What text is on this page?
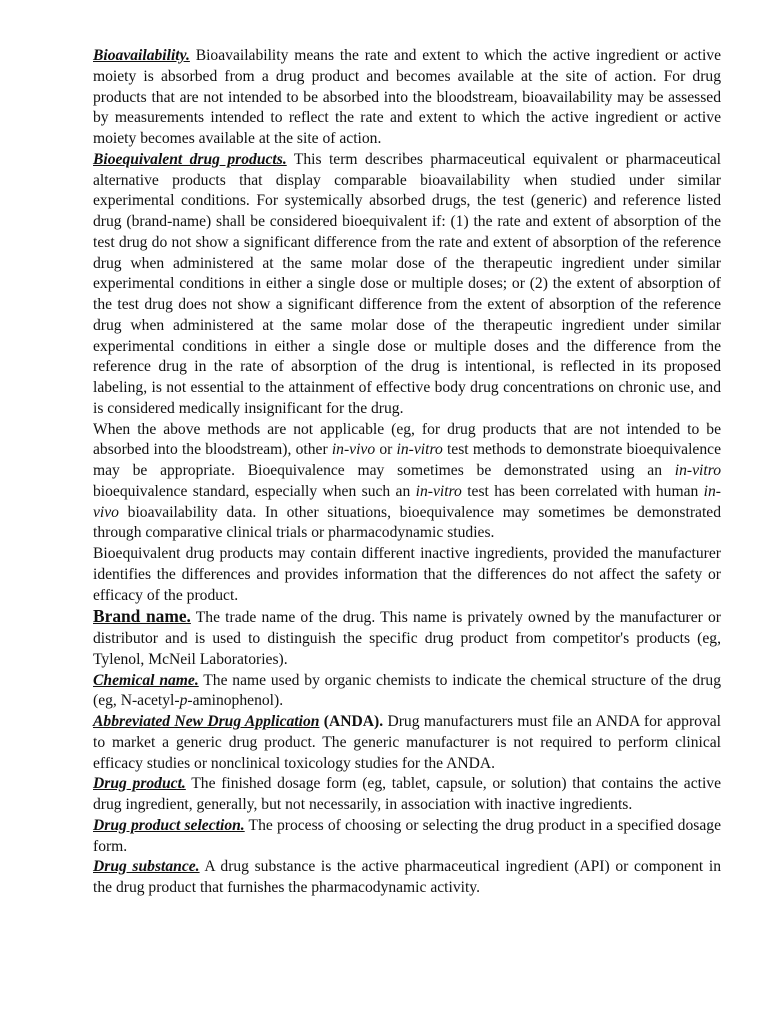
Bioavailability. Bioavailability means the rate and extent to which the active ingredient or active moiety is absorbed from a drug product and becomes available at the site of action. For drug products that are not intended to be absorbed into the bloodstream, bioavailability may be assessed by measurements intended to reflect the rate and extent to which the active ingredient or active moiety becomes available at the site of action.

Bioequivalent drug products. This term describes pharmaceutical equivalent or pharmaceutical alternative products that display comparable bioavailability when studied under similar experimental conditions. For systemically absorbed drugs, the test (generic) and reference listed drug (brand-name) shall be considered bioequivalent if: (1) the rate and extent of absorption of the test drug do not show a significant difference from the rate and extent of absorption of the reference drug when administered at the same molar dose of the therapeutic ingredient under similar experimental conditions in either a single dose or multiple doses; or (2) the extent of absorption of the test drug does not show a significant difference from the extent of absorption of the reference drug when administered at the same molar dose of the therapeutic ingredient under similar experimental conditions in either a single dose or multiple doses and the difference from the reference drug in the rate of absorption of the drug is intentional, is reflected in its proposed labeling, is not essential to the attainment of effective body drug concentrations on chronic use, and is considered medically insignificant for the drug.

When the above methods are not applicable (eg, for drug products that are not intended to be absorbed into the bloodstream), other in-vivo or in-vitro test methods to demonstrate bioequivalence may be appropriate. Bioequivalence may sometimes be demonstrated using an in-vitro bioequivalence standard, especially when such an in-vitro test has been correlated with human in-vivo bioavailability data. In other situations, bioequivalence may sometimes be demonstrated through comparative clinical trials or pharmacodynamic studies.

Bioequivalent drug products may contain different inactive ingredients, provided the manufacturer identifies the differences and provides information that the differences do not affect the safety or efficacy of the product.

Brand name. The trade name of the drug. This name is privately owned by the manufacturer or distributor and is used to distinguish the specific drug product from competitor's products (eg, Tylenol, McNeil Laboratories).

Chemical name. The name used by organic chemists to indicate the chemical structure of the drug (eg, N-acetyl-p-aminophenol).

Abbreviated New Drug Application (ANDA). Drug manufacturers must file an ANDA for approval to market a generic drug product. The generic manufacturer is not required to perform clinical efficacy studies or nonclinical toxicology studies for the ANDA.

Drug product. The finished dosage form (eg, tablet, capsule, or solution) that contains the active drug ingredient, generally, but not necessarily, in association with inactive ingredients.

Drug product selection. The process of choosing or selecting the drug product in a specified dosage form.

Drug substance. A drug substance is the active pharmaceutical ingredient (API) or component in the drug product that furnishes the pharmacodynamic activity.
